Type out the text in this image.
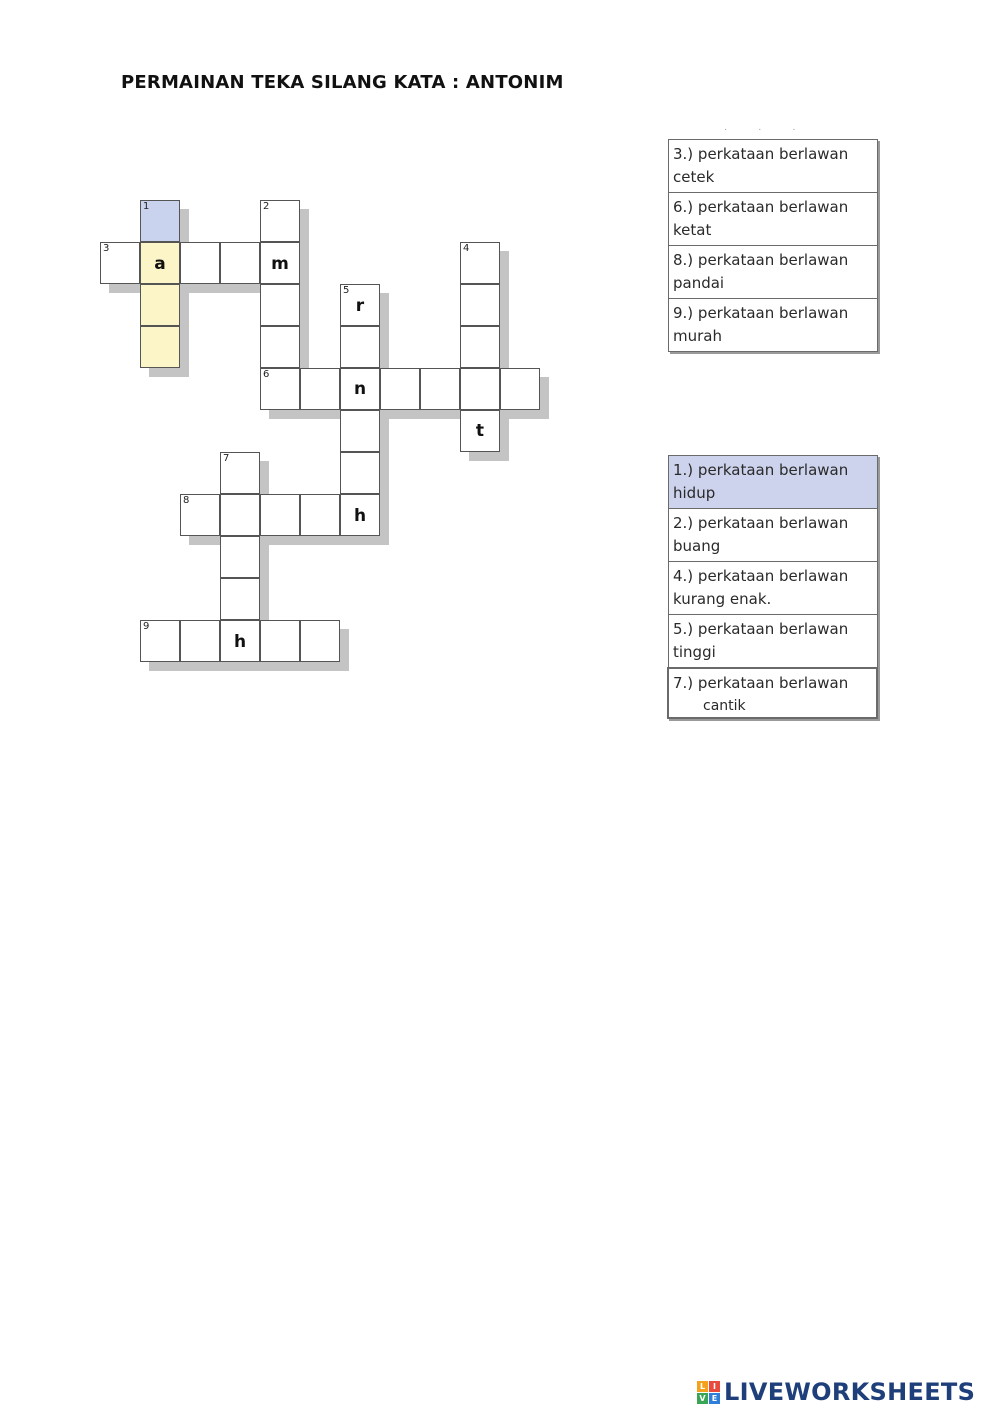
PERMAINAN TEKA SILANG KATA : ANTONIM
· · ·
1	2
3
a	m
4
5
r
6
n
t
7
8
h
9
h
3.) perkataan berlawan
cetek
6.) perkataan berlawan
ketat
8.) perkataan berlawan
pandai
9.) perkataan berlawan
murah
1.) perkataan berlawan
hidup
2.) perkataan berlawan
buang
4.) perkataan berlawan
kurang enak.
5.) perkataan berlawan
tinggi
7.) perkataan berlawan
cantik
L I
V E LIVEWORKSHEETS
